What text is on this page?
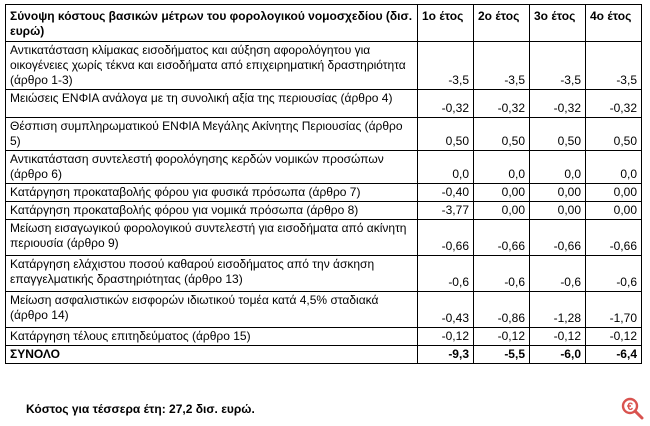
Σύνοψη κόστους βασικών μέτρων του φορολογικού νομοσχεδίου (δισ. ευρώ)	1ο έτος	2ο έτος	3ο έτος	4ο έτος
Αντικατάσταση κλίμακας εισοδήματος και αύξηση αφορολόγητου για οικογένειες χωρίς τέκνα και εισοδήματα από επιχειρηματική δραστηριότητα (άρθρο 1-3)	-3,5	-3,5	-3,5	-3,5
Μειώσεις ΕΝΦΙΑ ανάλογα με τη συνολική αξία της περιουσίας (άρθρο 4)	-0,32	-0,32	-0,32	-0,32
Θέσπιση συμπληρωματικού ΕΝΦΙΑ Μεγάλης Ακίνητης Περιουσίας (άρθρο 5)	0,50	0,50	0,50	0,50
Αντικατάσταση συντελεστή φορολόγησης κερδών νομικών προσώπων (άρθρο 6)	0,0	0,0	0,0	0,0
Κατάργηση προκαταβολής φόρου για φυσικά πρόσωπα (άρθρο 7)	-0,40	0,00	0,00	0,00
Κατάργηση προκαταβολής φόρου για νομικά πρόσωπα (άρθρο 8)	-3,77	0,00	0,00	0,00
Μείωση εισαγωγικού φορολογικού συντελεστή για εισοδήματα από ακίνητη περιουσία (άρθρο 9)	-0,66	-0,66	-0,66	-0,66
Κατάργηση ελάχιστου ποσού καθαρού εισοδήματος από την άσκηση επαγγελματικής δραστηριότητας (άρθρο 13)	-0,6	-0,6	-0,6	-0,6
Μείωση ασφαλιστικών εισφορών ιδιωτικού τομέα κατά 4,5% σταδιακά (άρθρο 14)	-0,43	-0,86	-1,28	-1,70
Κατάργηση τέλους επιτηδεύματος (άρθρο 15)	-0,12	-0,12	-0,12	-0,12
ΣΥΝΟΛΟ	-9,3	-5,5	-6,0	-6,4
Κόστος για τέσσερα έτη: 27,2 δισ. ευρώ.	€
